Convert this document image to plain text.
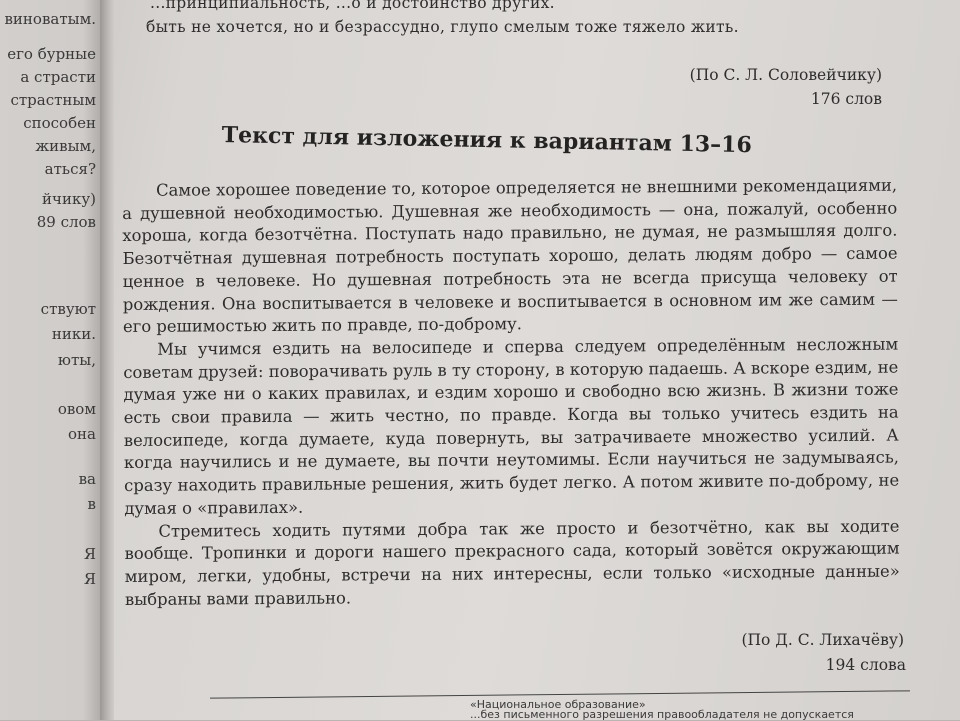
виноватым.
его бурные
а страсти
страстным
способен
живым,
аться?
йчику)
89 слов
ствуют
ники.
юты,
овом
она
ва
в
Я
Я
...принципиальность, ...о и достоинство других.
быть не хочется, но и безрассудно, глупо смелым тоже тяжело жить.
(По С. Л. Соловейчику)
176 слов
Текст для изложения к вариантам 13–16

Самое хорошее поведение то, которое определяется не внешними рекомендациями, а душевной необходимостью. Душевная же необходимость — она, пожалуй, особенно хороша, когда безотчётна. Поступать надо правильно, не думая, не размышляя долго. Безотчётная душевная потребность поступать хорошо, делать людям добро — самое ценное в человеке. Но душевная потребность эта не всегда присуща человеку от рождения. Она воспитывается в человеке и воспитывается в основном им же самим — его решимостью жить по правде, по-доброму.

Мы учимся ездить на велосипеде и сперва следуем определённым несложным советам друзей: поворачивать руль в ту сторону, в которую падаешь. А вскоре ездим, не думая уже ни о каких правилах, и ездим хорошо и свободно всю жизнь. В жизни тоже есть свои правила — жить честно, по правде. Когда вы только учитесь ездить на велосипеде, когда думаете, куда повернуть, вы затрачиваете множество усилий. А когда научились и не думаете, вы почти неутомимы. Если научиться не задумываясь, сразу находить правильные решения, жить будет легко. А потом живите по-доброму, не думая о «правилах».

Стремитесь ходить путями добра так же просто и безотчётно, как вы ходите вообще. Тропинки и дороги нашего прекрасного сада, который зовётся окружающим миром, легки, удобны, встречи на них интересны, если только «исходные данные» выбраны вами правильно.

(По Д. С. Лихачёву)
194 слова
«Национальное образование»
...без письменного разрешения правообладателя не допускается
